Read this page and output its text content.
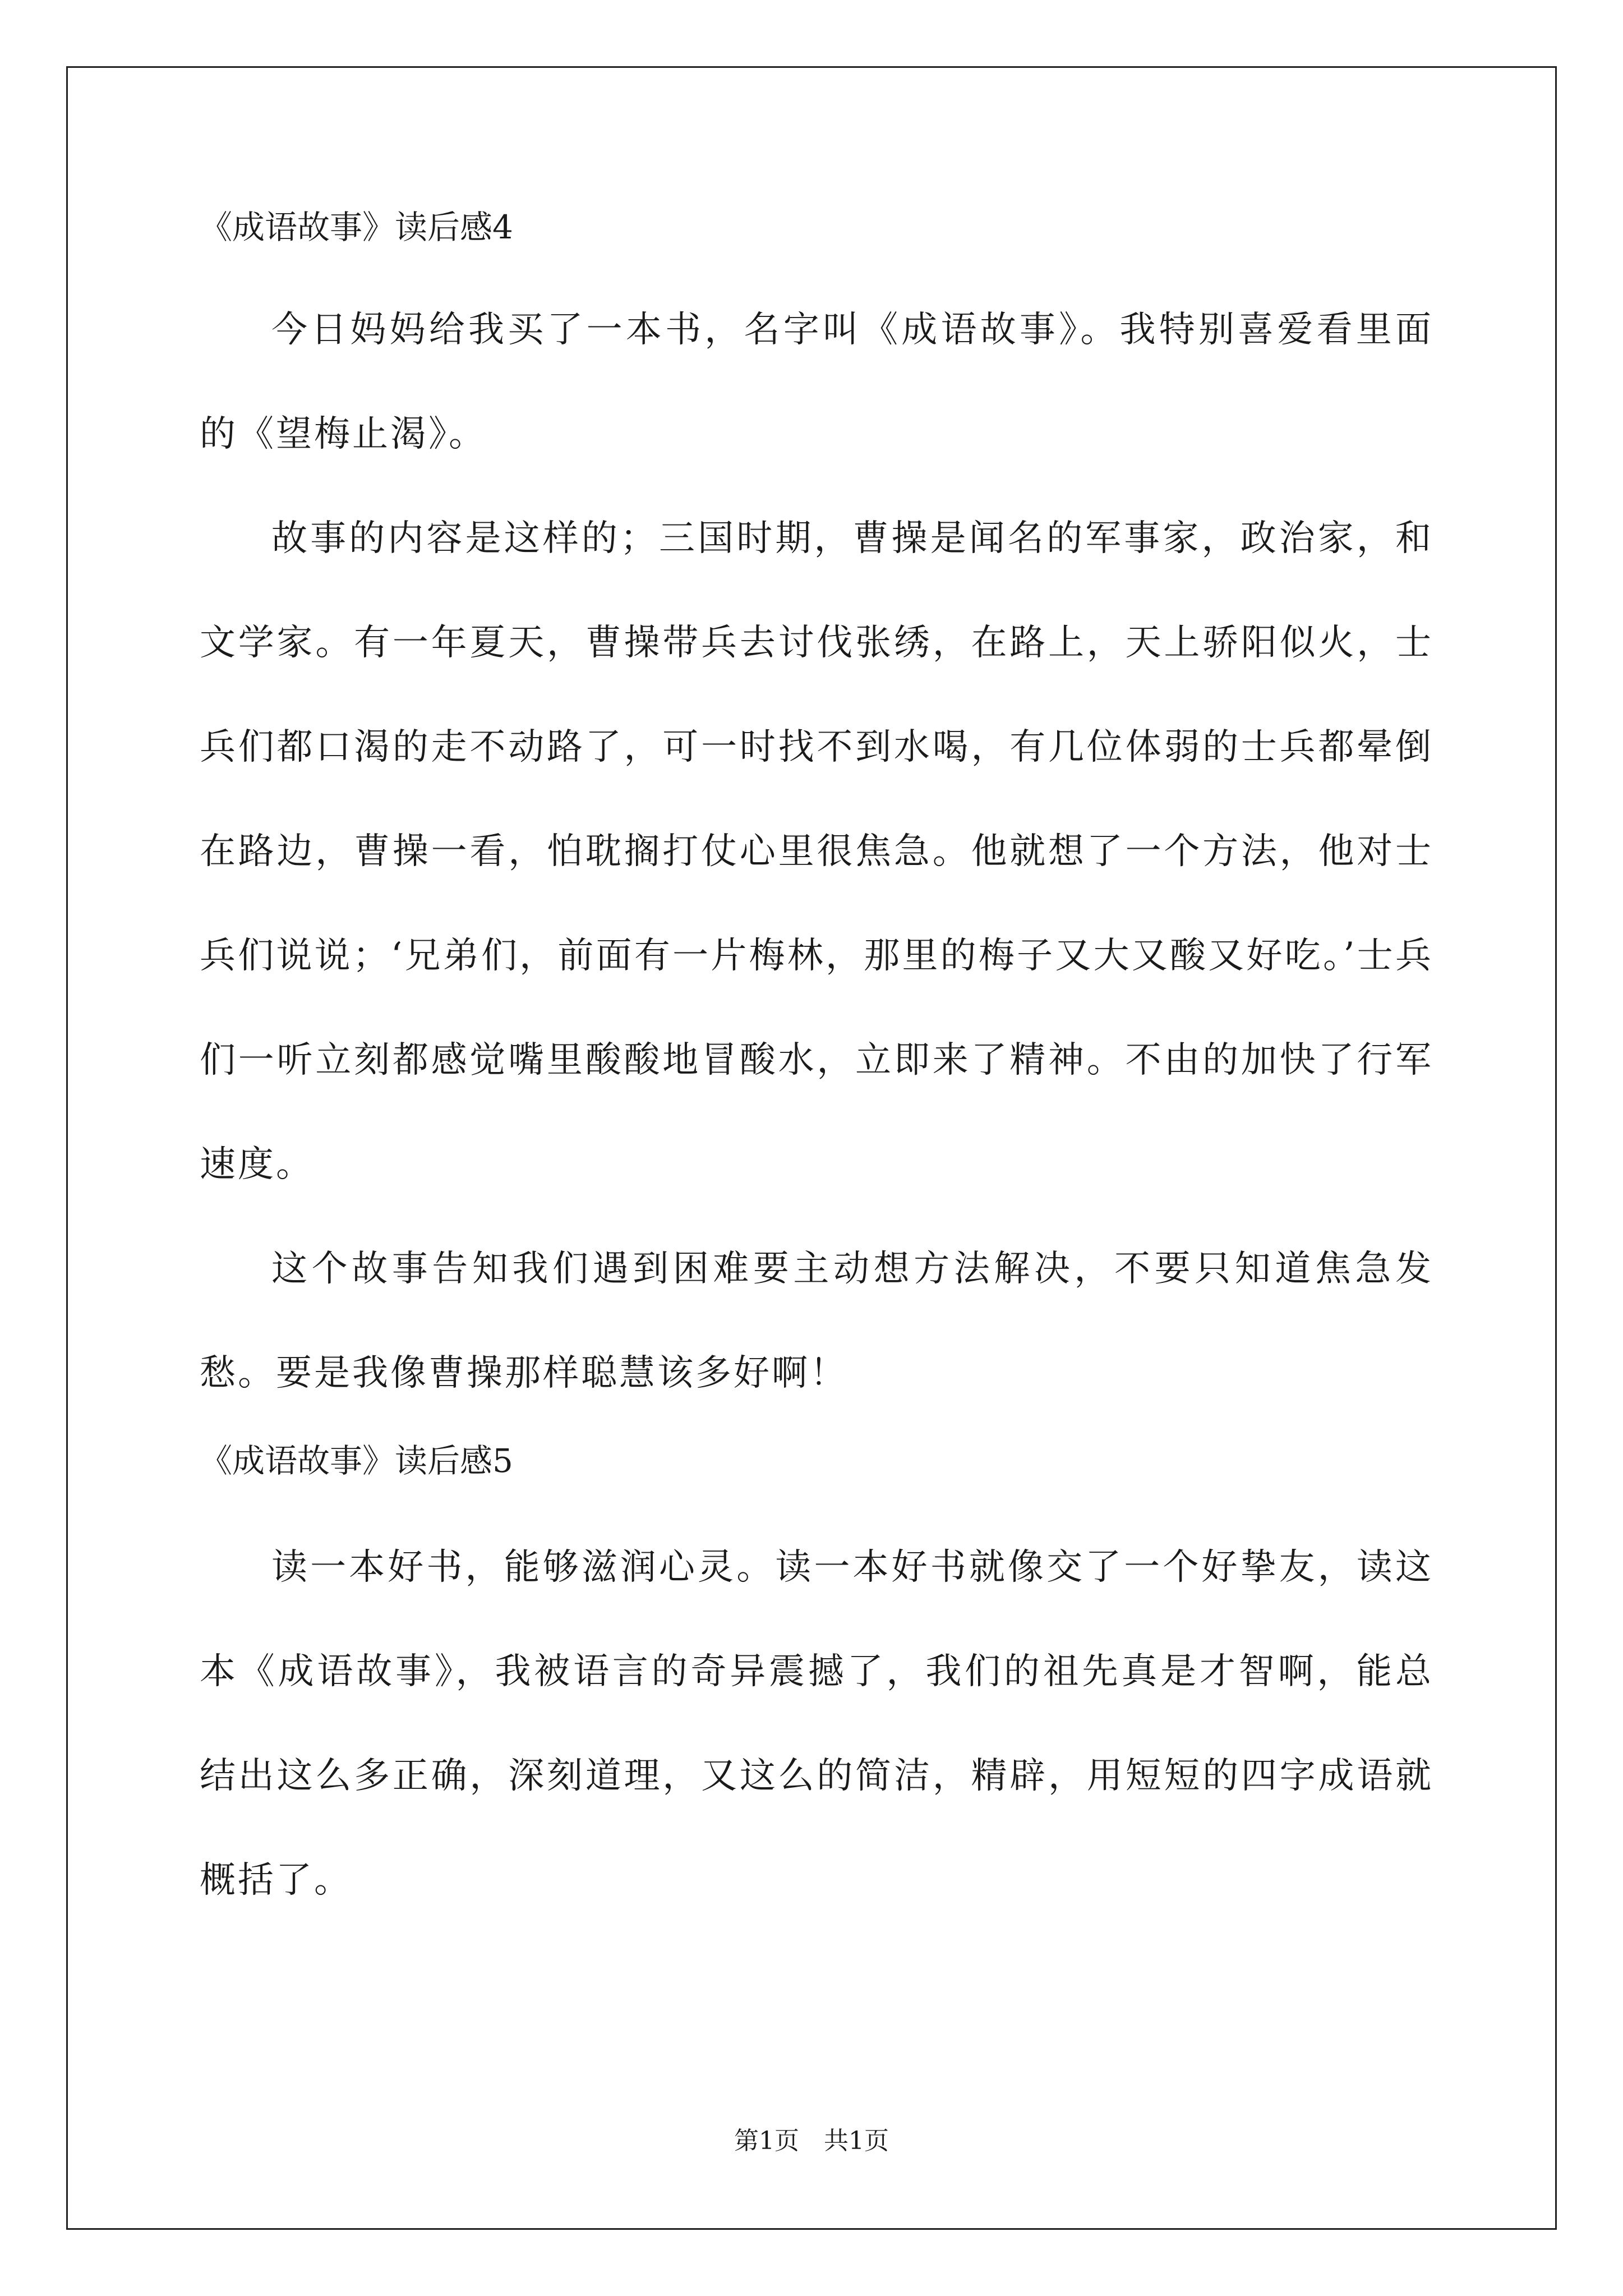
《成语故事》读后感4

今日妈妈给我买了一本书，名字叫《成语故事》。我特别喜爱看里面的《望梅止渴》。

故事的内容是这样的；三国时期，曹操是闻名的军事家，政治家，和文学家。有一年夏天，曹操带兵去讨伐张绣，在路上，天上骄阳似火，士兵们都口渴的走不动路了，可一时找不到水喝，有几位体弱的士兵都晕倒在路边，曹操一看，怕耽搁打仗心里很焦急。他就想了一个方法，他对士兵们说说；‘兄弟们，前面有一片梅林，那里的梅子又大又酸又好吃。’士兵们一听立刻都感觉嘴里酸酸地冒酸水，立即来了精神。不由的加快了行军速度。

这个故事告知我们遇到困难要主动想方法解决，不要只知道焦急发愁。要是我像曹操那样聪慧该多好啊！

《成语故事》读后感5

读一本好书，能够滋润心灵。读一本好书就像交了一个好挚友，读这本《成语故事》，我被语言的奇异震撼了，我们的祖先真是才智啊，能总结出这么多正确，深刻道理，又这么的简洁，精辟，用短短的四字成语就概括了。

第1页　共1页
